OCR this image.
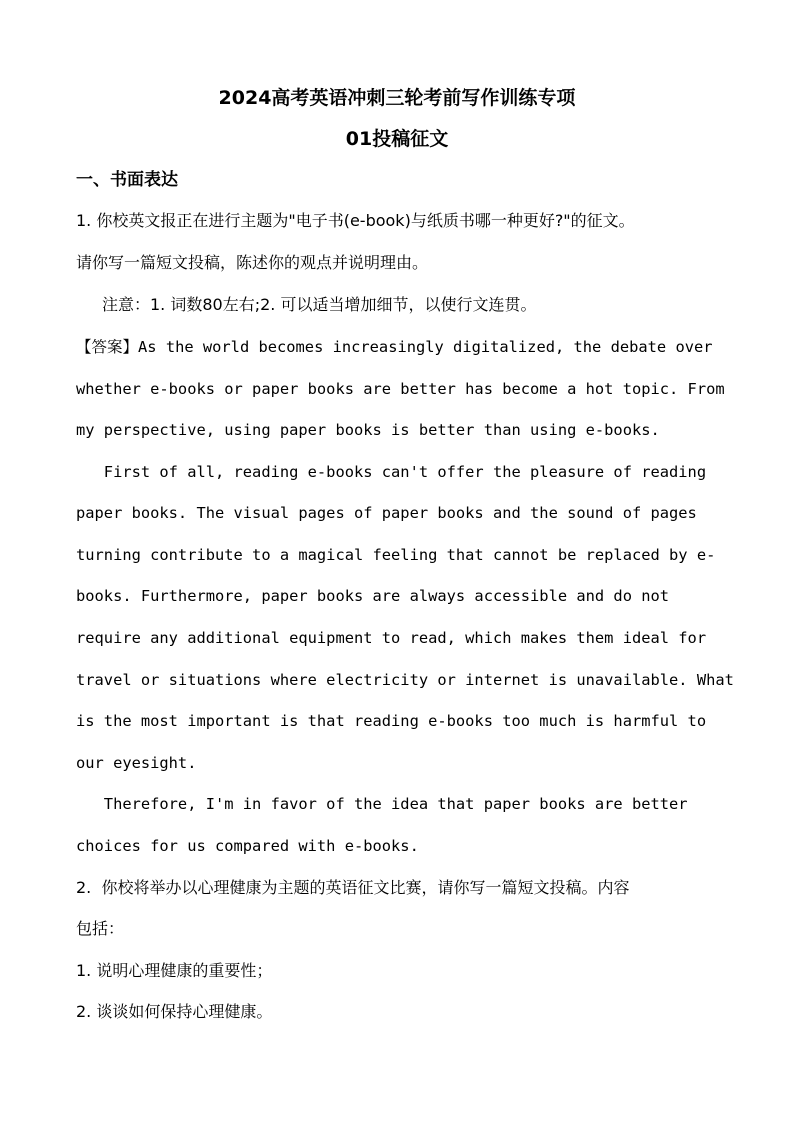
2024高考英语冲刺三轮考前写作训练专项
01投稿征文
一、书面表达
1. 你校英文报正在进行主题为"电子书(e-book)与纸质书哪一种更好?"的征文。
请你写一篇短文投稿，陈述你的观点并说明理由。
注意：1. 词数80左右;2. 可以适当增加细节，以使行文连贯。
【答案】As the world becomes increasingly digitalized, the debate over
whether e-books or paper books are better has become a hot topic. From
my perspective, using paper books is better than using e-books.
First of all, reading e-books can't offer the pleasure of reading
paper books. The visual pages of paper books and the sound of pages
turning contribute to a magical feeling that cannot be replaced by e-
books. Furthermore, paper books are always accessible and do not
require any additional equipment to read, which makes them ideal for
travel or situations where electricity or internet is unavailable. What
is the most important is that reading e-books too much is harmful to
our eyesight.
Therefore, I'm in favor of the idea that paper books are better
choices for us compared with e-books.
2.  你校将举办以心理健康为主题的英语征文比赛，请你写一篇短文投稿。内容
包括：
1. 说明心理健康的重要性；
2. 谈谈如何保持心理健康。
